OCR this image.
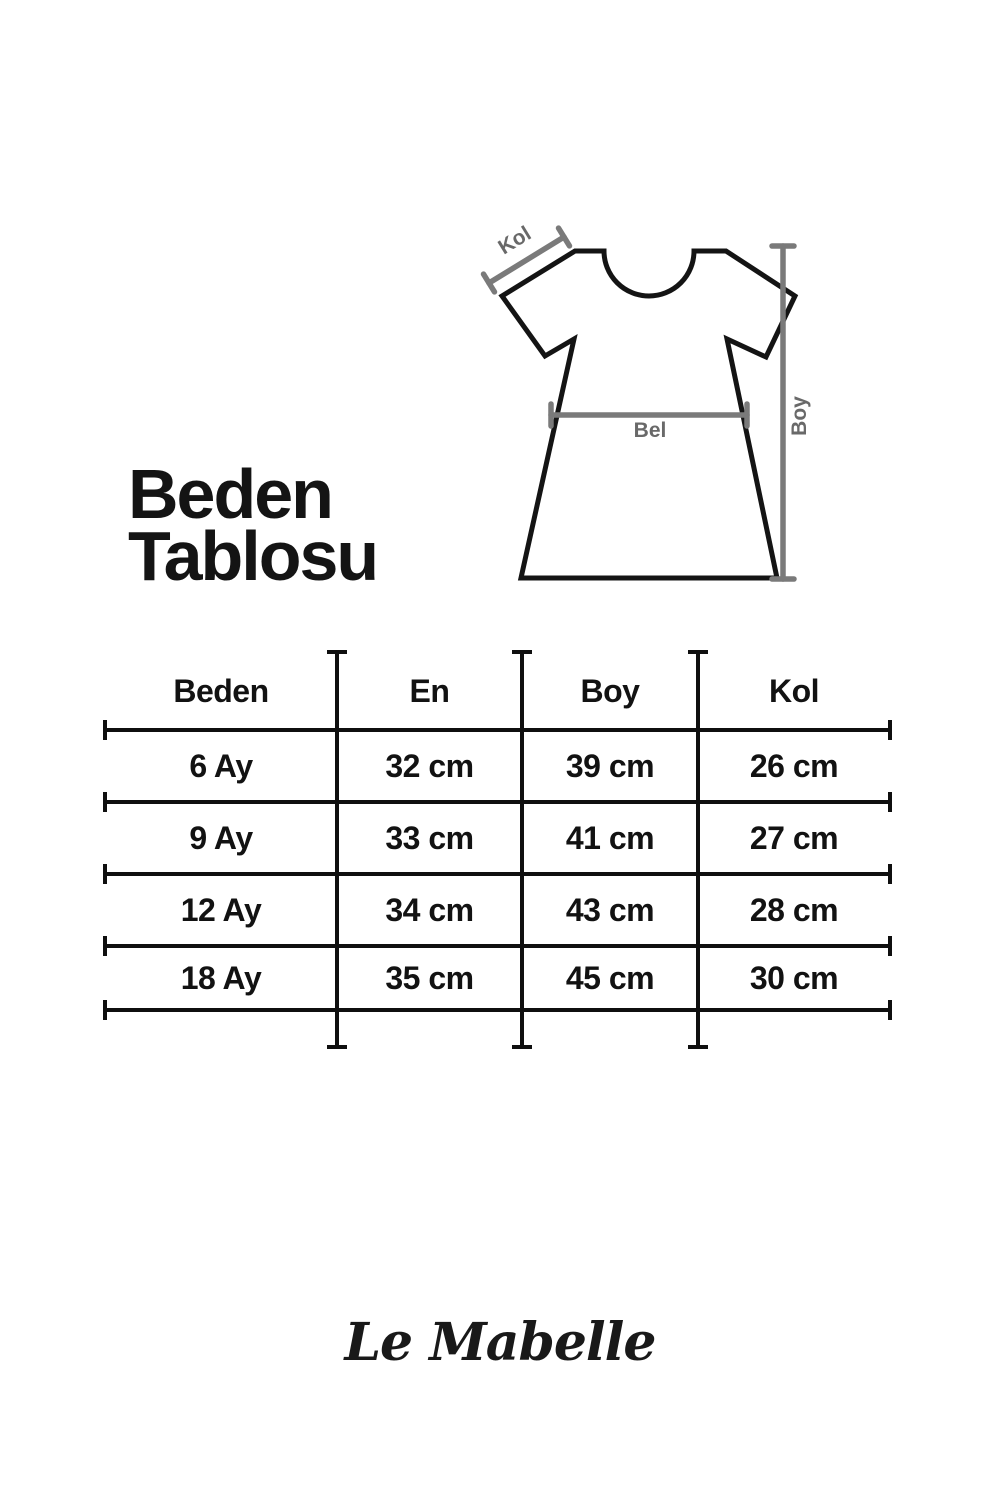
Beden
Tablosu
Kol
Bel	Boy
Beden	En	Boy	Kol
6 Ay	32 cm	39 cm	26 cm
9 Ay	33 cm	41 cm	27 cm
12 Ay	34 cm	43 cm	28 cm
18 Ay	35 cm	45 cm	30 cm
Le Mabelle
